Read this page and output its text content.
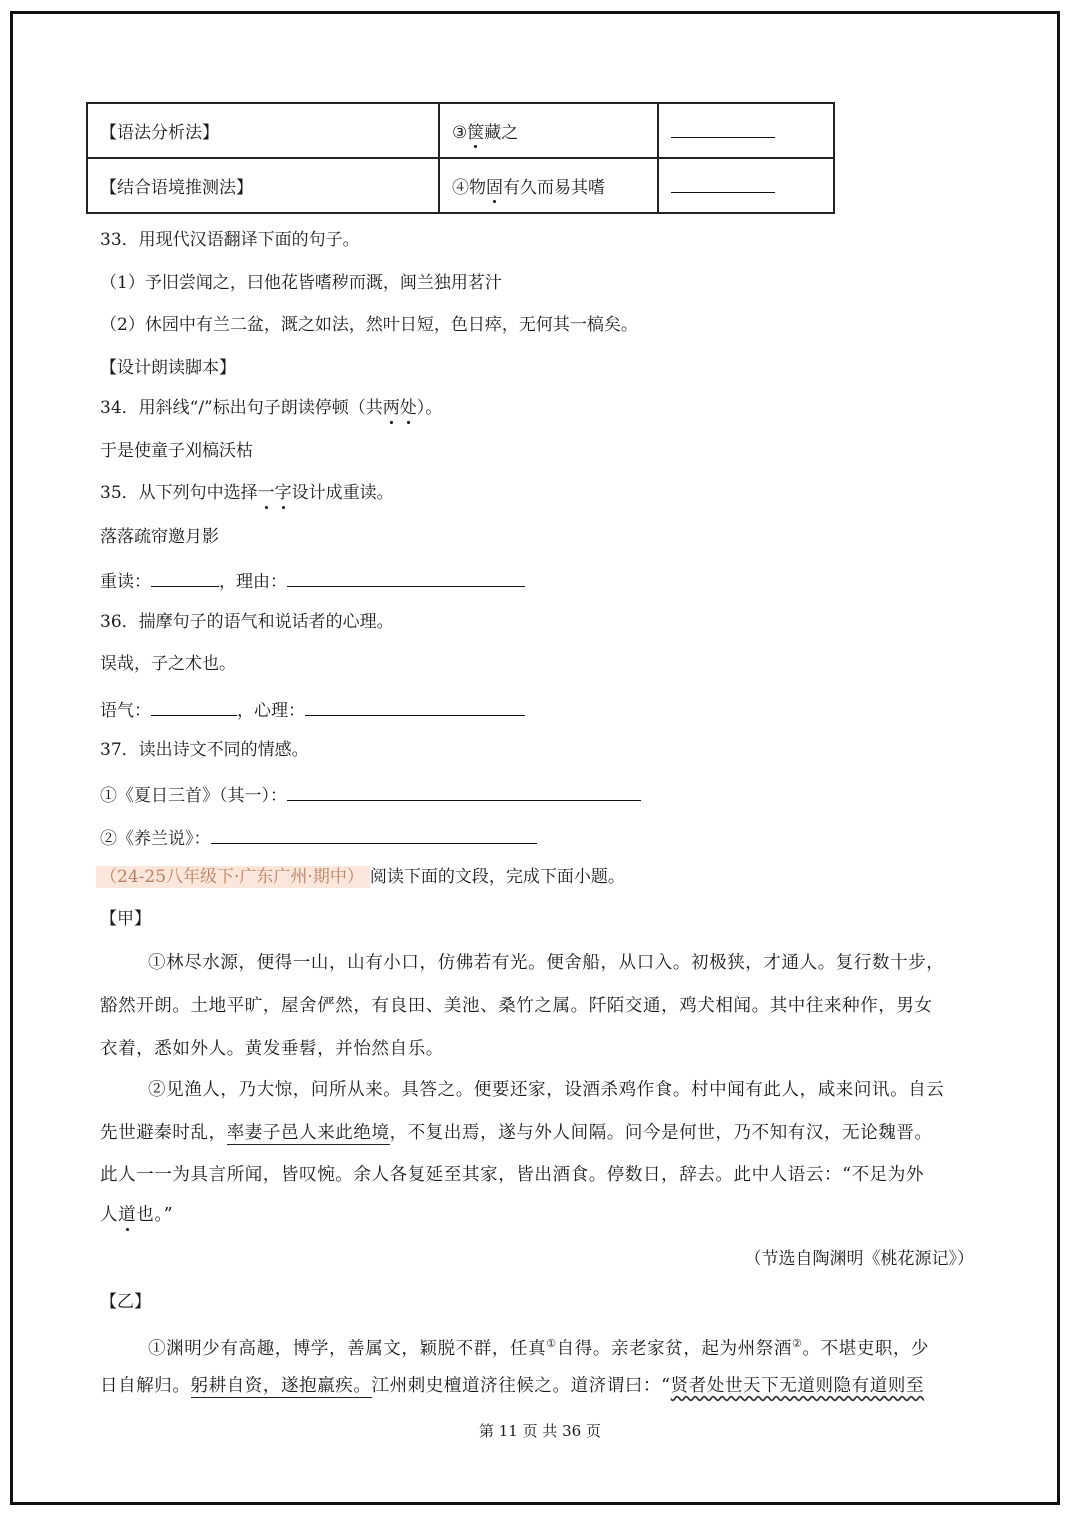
【语法分析法】	③箧藏之	
【结合语境推测法】	④物固有久而易其嗜	
33．用现代汉语翻译下面的句子。
（1）予旧尝闻之，曰他花皆嗜秽而溉，闽兰独用茗汁
（2）休园中有兰二盆，溉之如法，然叶日短，色日瘁，无何其一槁矣。
【设计朗读脚本】
34．用斜线“/”标出句子朗读停顿（共两处）。
于是使童子刈槁沃枯
35．从下列句中选择一字设计成重读。
落落疏帘邀月影
重读：	，理由：
36．揣摩句子的语气和说话者的心理。
误哉，子之术也。
语气：	，心理：
37．读出诗文不同的情感。
①《夏日三首》（其一）：
②《养兰说》：
（24-25八年级下·广东广州·期中） 阅读下面的文段，完成下面小题。
【甲】
①林尽水源，便得一山，山有小口，仿佛若有光。便舍船，从口入。初极狭，才通人。复行数十步，
豁然开朗。土地平旷，屋舍俨然，有良田、美池、桑竹之属。阡陌交通，鸡犬相闻。其中往来种作，男女
衣着，悉如外人。黄发垂髫，并怡然自乐。
②见渔人，乃大惊，问所从来。具答之。便要还家，设酒杀鸡作食。村中闻有此人，咸来问讯。自云
先世避秦时乱，率妻子邑人来此绝境，不复出焉，遂与外人间隔。问今是何世，乃不知有汉，无论魏晋。
此人一一为具言所闻，皆叹惋。余人各复延至其家，皆出酒食。停数日，辞去。此中人语云：“不足为外
人道也。”
（节选自陶渊明《桃花源记》）
【乙】
①渊明少有高趣，博学，善属文，颖脱不群，任真①自得。亲老家贫，起为州祭酒②。不堪吏职，少
日自解归。躬耕自资，遂抱羸疾。江州刺史檀道济往候之。道济谓曰：“贤者处世天下无道则隐有道则至
第 11 页 共 36 页
